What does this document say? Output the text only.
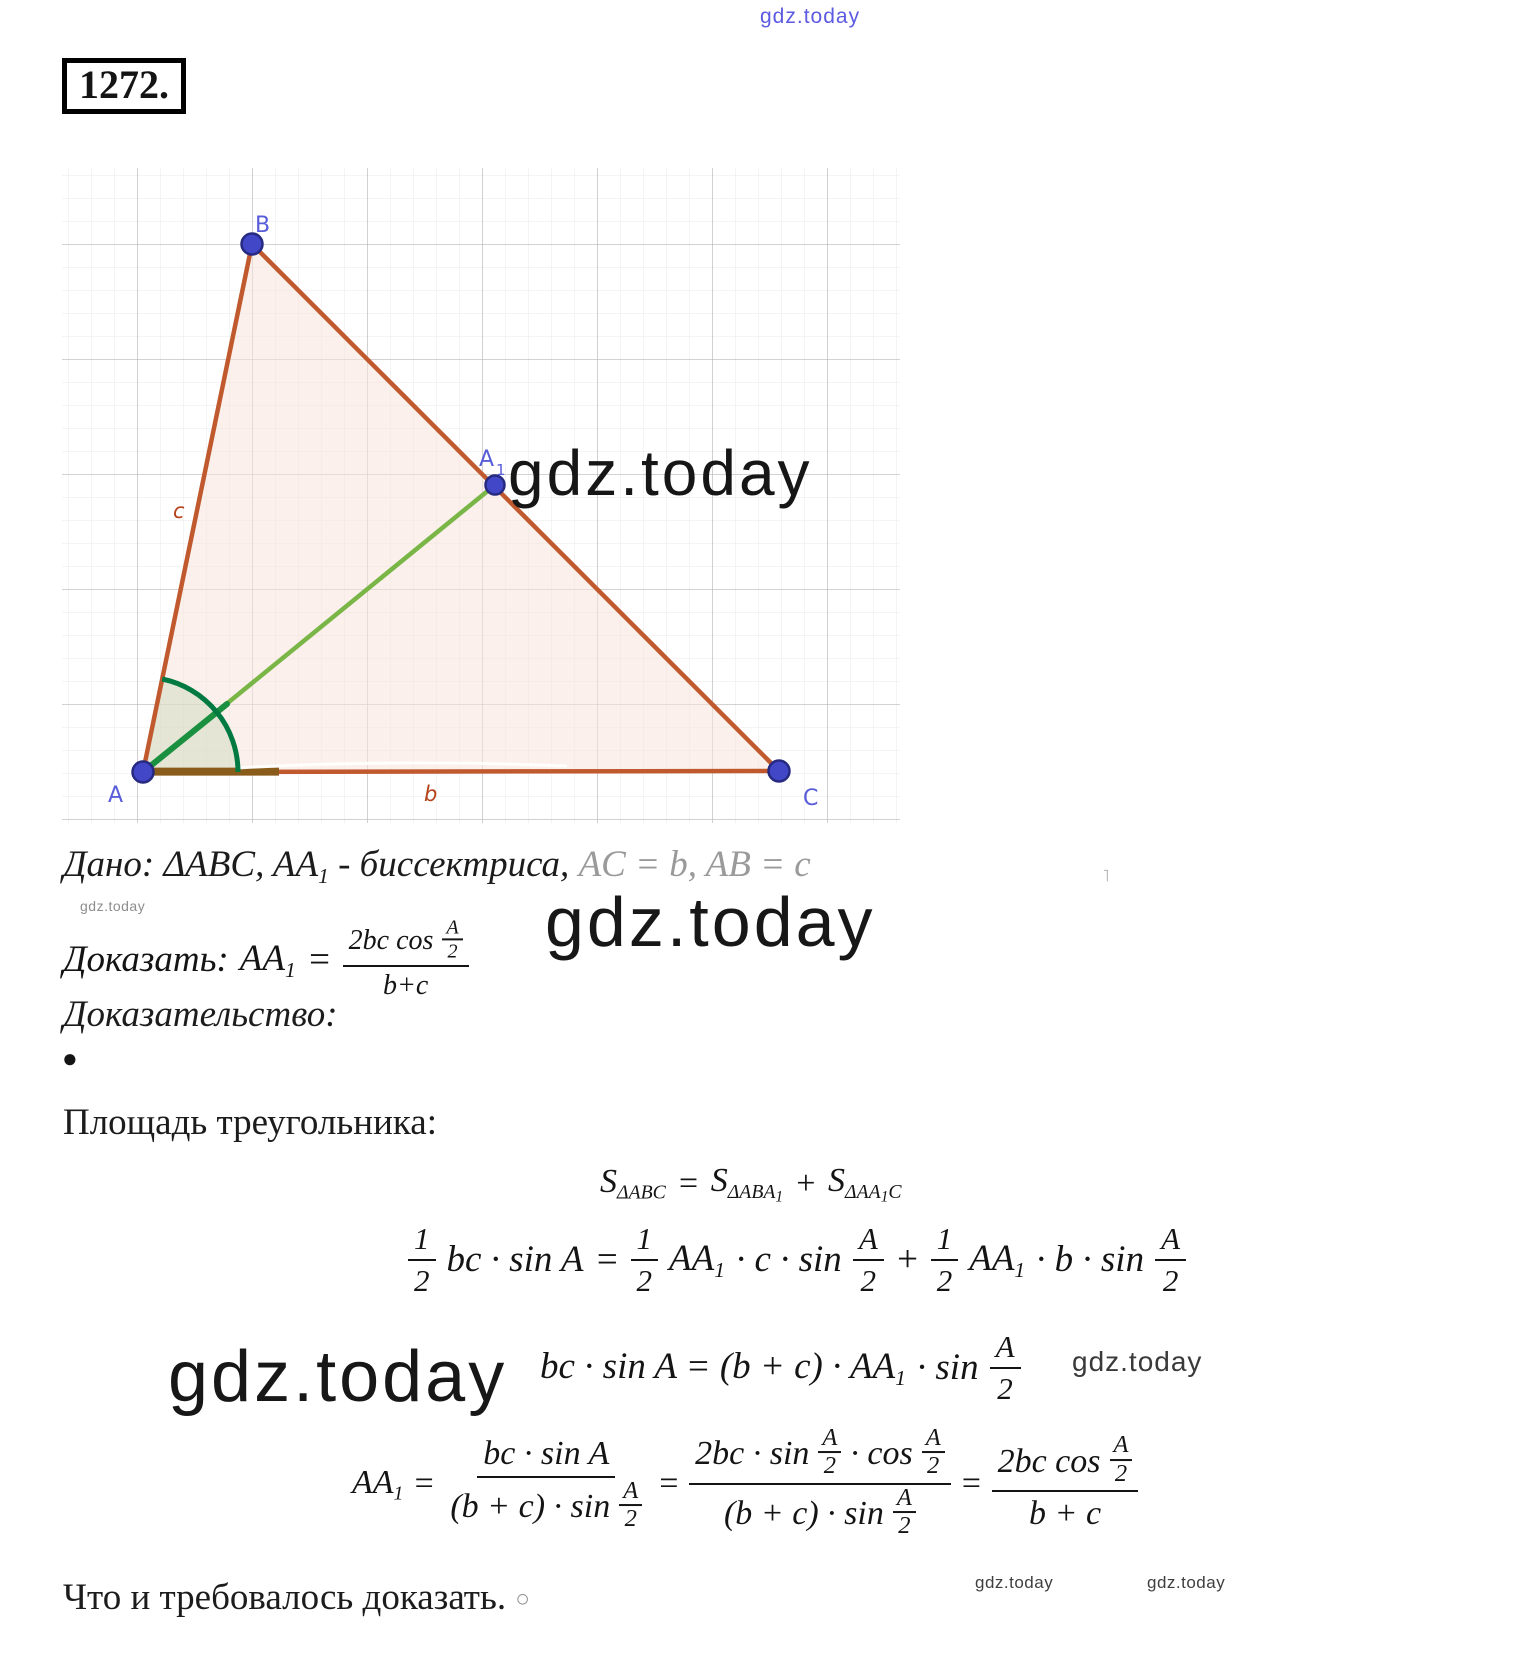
gdz.today
1272.
B
A	C
A 1
c
b
gdz.today
Дано: ΔABC, AA1 - биссектриса, AC = b, AB = c
gdz.today
˥
Доказать: AA1 = 2bc cos A
2
b+c gdz.today
Доказательство:
●
Площадь треугольника:
SΔABC = SΔABA1 + SΔAA1C
$\frac{1}{2}$ bc · $\sin A = \frac{1}{2} AA1 \cdot c \cdot \sin \frac{A}{2} + \frac{1}{2} AA1 \cdot b \cdot \sin \frac{A}{2}$
gdz.today bc · $\sin A = (b + c) \cdot AA1 \cdot \sin \frac{A}{2}$ gdz.today
AA1 = bc · sin A
(b + c) · sin A
2 = 2bc · sin A
2 · cos A
2
(b + c) · sin A
2 = 2bc cos A
2
b + c
Что и требовалось доказать. ○
gdz.today	gdz.today
